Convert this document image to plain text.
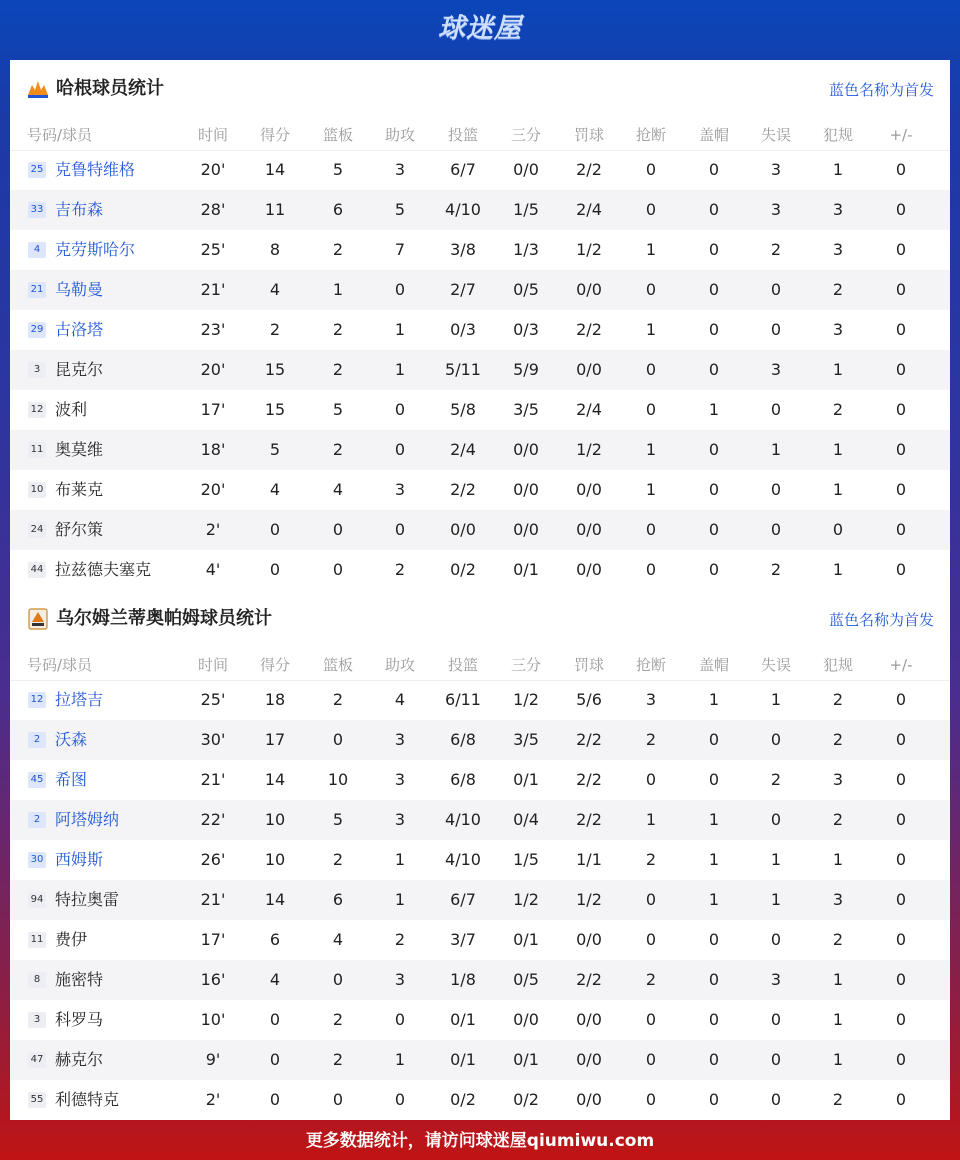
球迷屋
哈根球员统计	蓝色名称为首发
号码/球员	时间	得分	篮板	助攻	投篮	三分	罚球	抢断	盖帽	失误	犯规	+/-
25 克鲁特维格	20'	14	5	3	6/7	0/0	2/2	0	0	3	1	0
33 吉布森	28'	11	6	5	4/10	1/5	2/4	0	0	3	3	0
4 克劳斯哈尔	25'	8	2	7	3/8	1/3	1/2	1	0	2	3	0
21 乌勒曼	21'	4	1	0	2/7	0/5	0/0	0	0	0	2	0
29 古洛塔	23'	2	2	1	0/3	0/3	2/2	1	0	0	3	0
3 昆克尔	20'	15	2	1	5/11	5/9	0/0	0	0	3	1	0
12 波利	17'	15	5	0	5/8	3/5	2/4	0	1	0	2	0
11 奥莫维	18'	5	2	0	2/4	0/0	1/2	1	0	1	1	0
10 布莱克	20'	4	4	3	2/2	0/0	0/0	1	0	0	1	0
24 舒尔策	2'	0	0	0	0/0	0/0	0/0	0	0	0	0	0
44 拉兹德夫塞克	4'	0	0	2	0/2	0/1	0/0	0	0	2	1	0
乌尔姆兰蒂奥帕姆球员统计	蓝色名称为首发
号码/球员	时间	得分	篮板	助攻	投篮	三分	罚球	抢断	盖帽	失误	犯规	+/-
12 拉塔吉	25'	18	2	4	6/11	1/2	5/6	3	1	1	2	0
2 沃森	30'	17	0	3	6/8	3/5	2/2	2	0	0	2	0
45 希图	21'	14	10	3	6/8	0/1	2/2	0	0	2	3	0
2 阿塔姆纳	22'	10	5	3	4/10	0/4	2/2	1	1	0	2	0
30 西姆斯	26'	10	2	1	4/10	1/5	1/1	2	1	1	1	0
94 特拉奥雷	21'	14	6	1	6/7	1/2	1/2	0	1	1	3	0
11 费伊	17'	6	4	2	3/7	0/1	0/0	0	0	0	2	0
8 施密特	16'	4	0	3	1/8	0/5	2/2	2	0	3	1	0
3 科罗马	10'	0	2	0	0/1	0/0	0/0	0	0	0	1	0
47 赫克尔	9'	0	2	1	0/1	0/1	0/0	0	0	0	1	0
55 利德特克	2'	0	0	0	0/2	0/2	0/0	0	0	0	2	0
更多数据统计，请访问球迷屋qiumiwu.com
